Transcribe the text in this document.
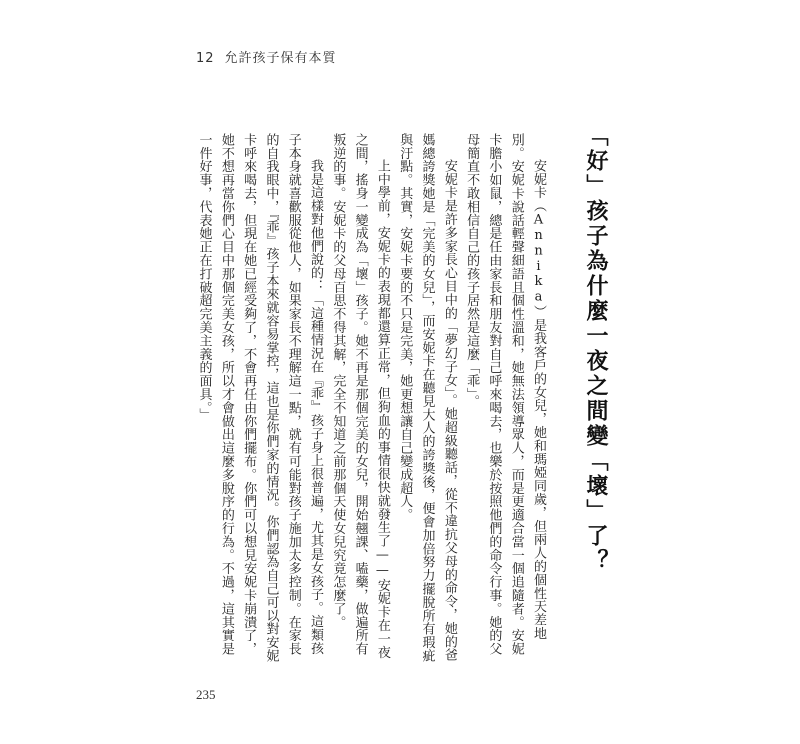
12 允許孩子保有本質
「好」孩子為什麼一夜之間變「壞」了？

安妮卡（Annika）是我客戶的女兒，她和瑪婭同歲，但兩人的個性天差地別。安妮卡說話輕聲細語且個性溫和，她無法領導眾人，而是更適合當一個追隨者。安妮卡膽小如鼠，總是任由家長和朋友對自己呼來喝去，也樂於按照他們的命令行事。她的父母簡直不敢相信自己的孩子居然是這麼「乖」。

安妮卡是許多家長心目中的「夢幻子女」。她超級聽話，從不違抗父母的命令，她的爸媽總誇獎她是「完美的女兒」，而安妮卡在聽見大人的誇獎後，便會加倍努力擺脫所有瑕疵與汙點。其實，安妮卡要的不只是完美，她更想讓自己變成超人。

上中學前，安妮卡的表現都還算正常，但狗血的事情很快就發生了——安妮卡在一夜之間，搖身一變成為「壞」孩子。她不再是那個完美的女兒，開始翹課、嗑藥，做遍所有叛逆的事。安妮卡的父母百思不得其解，完全不知道之前那個天使女兒究竟怎麼了。

我是這樣對他們說的：「這種情況在『乖』孩子身上很普遍，尤其是女孩子。這類孩子本身就喜歡服從他人，如果家長不理解這一點，就有可能對孩子施加太多控制。在家長的自我眼中，『乖』孩子本來就容易掌控，這也是你們家的情況。你們認為自己可以對安妮卡呼來喝去，但現在她已經受夠了，不會再任由你們擺布。你們可以想見安妮卡崩潰了，她不想再當你們心目中那個完美女孩，所以才會做出這麼多脫序的行為。不過，這其實是一件好事，代表她正在打破超完美主義的面具。」

235
